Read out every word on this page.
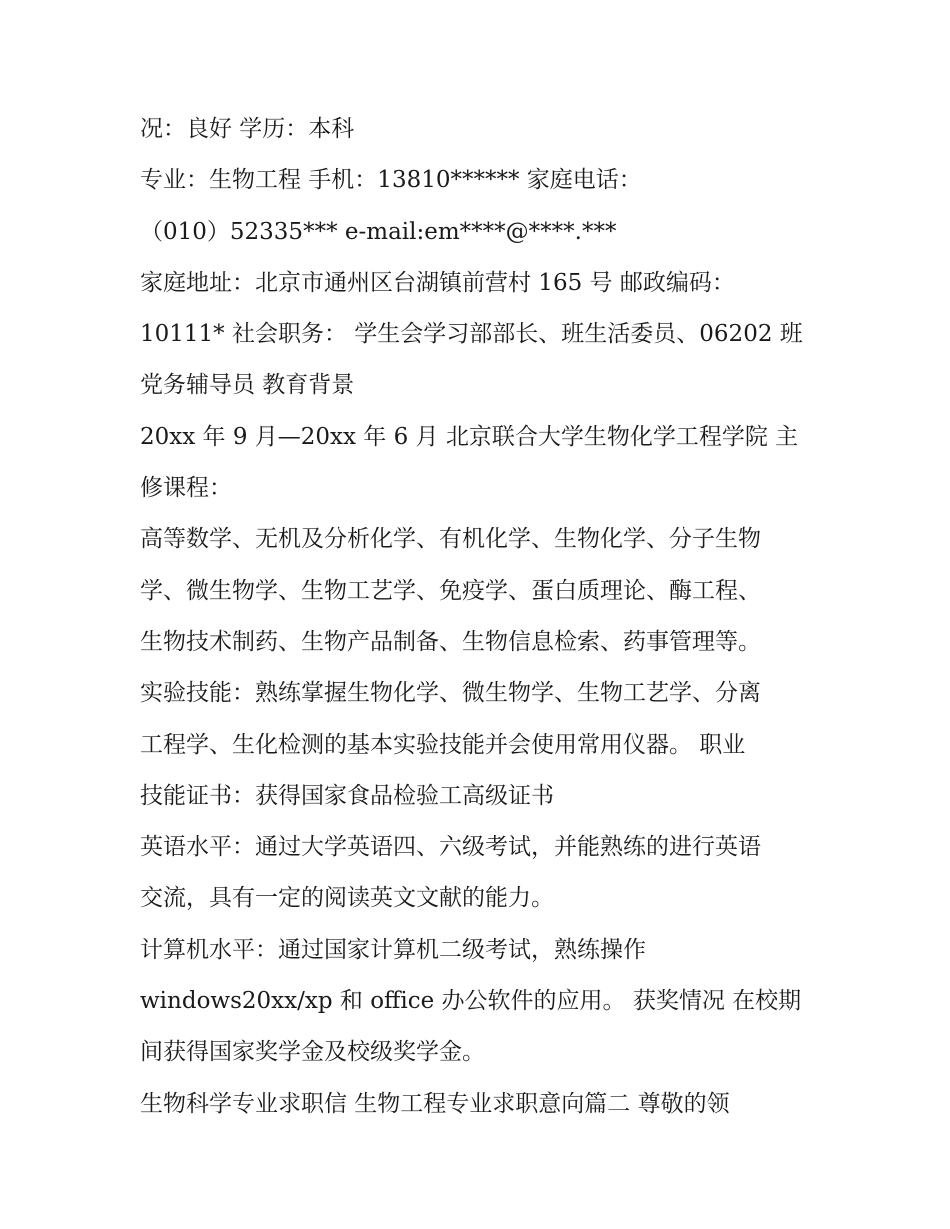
况：良好 学历：本科
专业：生物工程 手机：13810****** 家庭电话：
（010）52335*** e-mail:em****@****.***
家庭地址：北京市通州区台湖镇前营村 165 号 邮政编码：
10111* 社会职务： 学生会学习部部长、班生活委员、06202 班
党务辅导员 教育背景
20xx 年 9 月—20xx 年 6 月 北京联合大学生物化学工程学院 主
修课程：
高等数学、无机及分析化学、有机化学、生物化学、分子生物
学、微生物学、生物工艺学、免疫学、蛋白质理论、酶工程、
生物技术制药、生物产品制备、生物信息检索、药事管理等。
实验技能：熟练掌握生物化学、微生物学、生物工艺学、分离
工程学、生化检测的基本实验技能并会使用常用仪器。 职业
技能证书：获得国家食品检验工高级证书
英语水平：通过大学英语四、六级考试，并能熟练的进行英语
交流，具有一定的阅读英文文献的能力。
计算机水平：通过国家计算机二级考试，熟练操作
windows20xx/xp 和 office 办公软件的应用。 获奖情况 在校期
间获得国家奖学金及校级奖学金。
生物科学专业求职信 生物工程专业求职意向篇二 尊敬的领
